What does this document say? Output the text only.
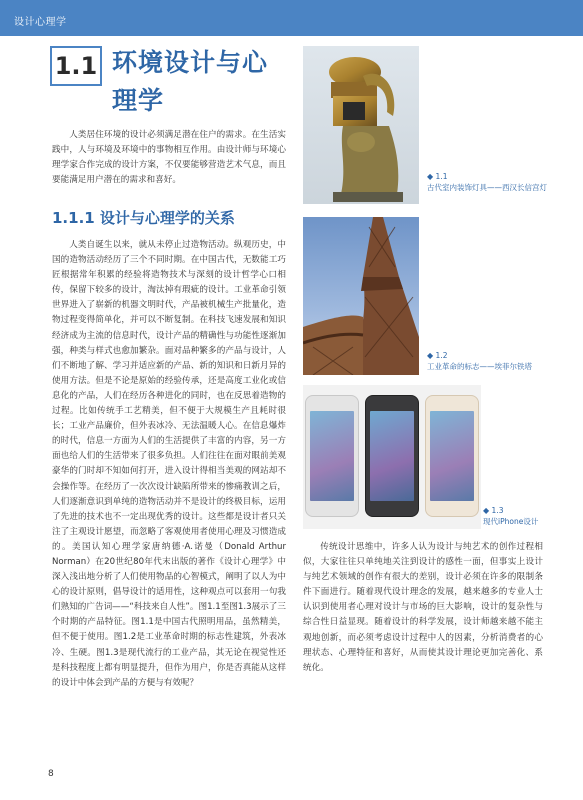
设计心理学
1.1 环境设计与心理学

人类居住环境的设计必须满足潜在住户的需求。在生活实践中，人与环境及环境中的事物相互作用。由设计师与环境心理学家合作完成的设计方案，不仅要能够营造艺术气息，而且要能满足用户潜在的需求和喜好。

1.1.1 设计与心理学的关系

人类自诞生以来，就从未停止过造物活动。纵观历史，中国的造物活动经历了三个不同时期。在中国古代，无数能工巧匠根据常年积累的经验将造物技术与深刻的设计哲学心口相传，保留下较多的设计，淘汰掉有瑕疵的设计。工业革命引领世界进入了崭新的机器文明时代，产品被机械生产批量化，造物过程变得简单化，并可以不断复制。在科技飞速发展和知识经济成为主流的信息时代，设计产品的精确性与功能性逐渐加强，种类与样式也愈加繁杂。面对品种繁多的产品与设计，人们不断地了解、学习并适应新的产品、新的知识和日新月异的使用方法。但是不论是原始的经验传承，还是高度工业化或信息化的产品，人们在经历各种进化的同时，也在反思着造物的过程。比如传统手工艺精美，但不便于大规模生产且耗时很长；工业产品廉价，但外表冰冷、无法温暖人心。在信息爆炸的时代，信息一方面为人们的生活提供了丰富的内容，另一方面也给人们的生活带来了很多负担。人们往往在面对眼前美观豪华的门时却不知如何打开，进入设计得相当美观的网站却不会操作等。在经历了一次次设计缺陷所带来的惨痛教训之后，人们逐渐意识到单纯的造物活动并不是设计的终极目标，运用了先进的技术也不一定出现优秀的设计。这些都是设计者只关注了主观设计愿望，而忽略了客观使用者使用心理及习惯造成的。美国认知心理学家唐纳德·A.诺曼（Donald Arthur Norman）在20世纪80年代末出版的著作《设计心理学》中深入浅出地分析了人们使用物品的心智模式，阐明了以人为中心的设计原则，倡导设计的适用性，这种观点可以套用一句我们熟知的广告词——“科技来自人性”。图1.1至图1.3展示了三个时期的产品特征。图1.1是中国古代照明用品，虽然精美，但不便于使用。图1.2是工业革命时期的标志性建筑，外表冰冷、生硬。图1.3是现代流行的工业产品，其无论在视觉性还是科技程度上都有明显提升，但作为用户，你是否真能从这样的设计中体会到产品的方便与有效呢？

◆ 1.1
古代室内装饰灯具——西汉长信宫灯
◆ 1.2
工业革命的标志——埃菲尔铁塔
◆ 1.3
现代iPhone设计

传统设计思维中，许多人认为设计与纯艺术的创作过程相似，大家往往只单纯地关注到设计的感性一面，但事实上设计与纯艺术领域的创作有很大的差别，设计必须在许多的限制条件下面进行。随着现代设计理念的发展，越来越多的专业人士认识到使用者心理对设计与市场的巨大影响，设计的复杂性与综合性日益显现。随着设计的科学发展，设计师越来越不能主观地创新，而必须考虑设计过程中人的因素，分析消费者的心理状态、心理特征和喜好，从而使其设计理论更加完善化、系统化。

8
